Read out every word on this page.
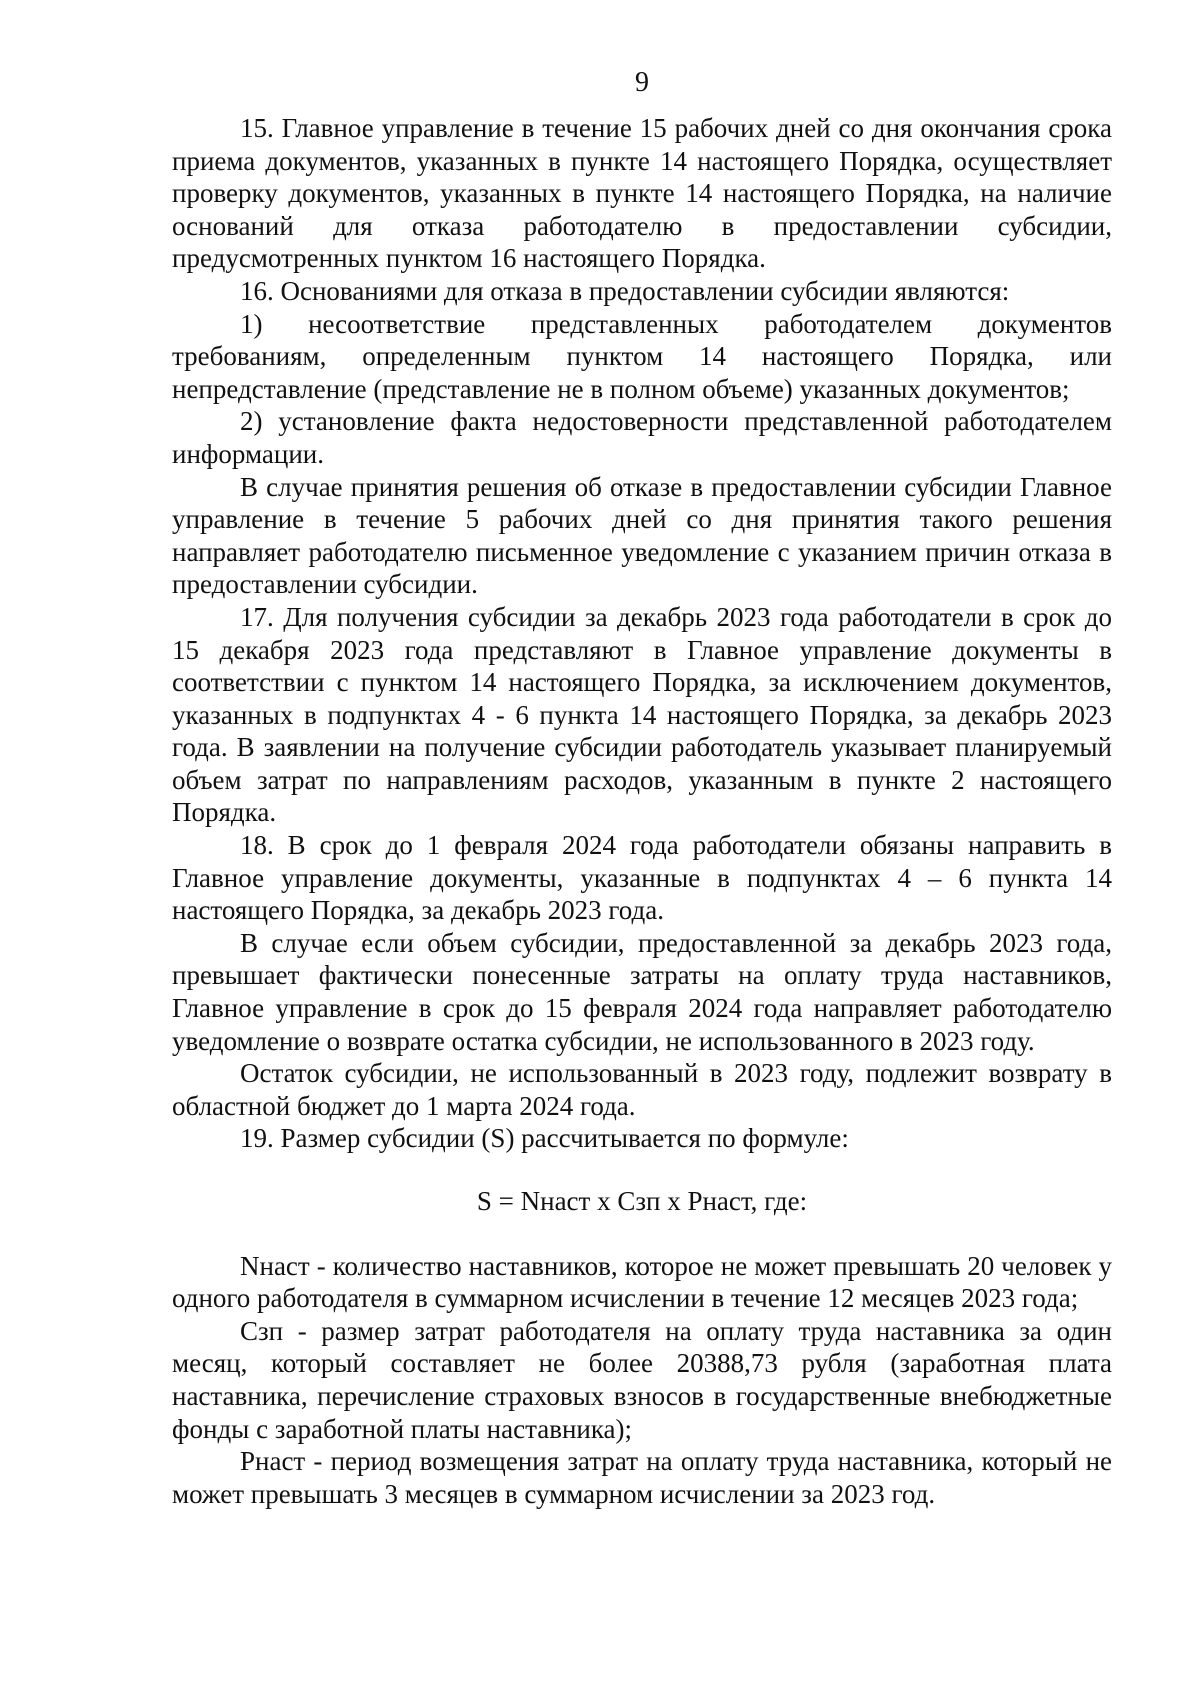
9

15. Главное управление в течение 15 рабочих дней со дня окончания срока приема документов, указанных в пункте 14 настоящего Порядка, осуществляет проверку документов, указанных в пункте 14 настоящего Порядка, на наличие оснований для отказа работодателю в предоставлении субсидии, предусмотренных пунктом 16 настоящего Порядка.

16. Основаниями для отказа в предоставлении субсидии являются:

1) несоответствие представленных работодателем документов требованиям, определенным пунктом 14 настоящего Порядка, или непредставление (представление не в полном объеме) указанных документов;

2) установление факта недостоверности представленной работодателем информации.

В случае принятия решения об отказе в предоставлении субсидии Главное управление в течение 5 рабочих дней со дня принятия такого решения направляет работодателю письменное уведомление с указанием причин отказа в предоставлении субсидии.

17. Для получения субсидии за декабрь 2023 года работодатели в срок до 15 декабря 2023 года представляют в Главное управление документы в соответствии с пунктом 14 настоящего Порядка, за исключением документов, указанных в подпунктах 4 - 6 пункта 14 настоящего Порядка, за декабрь 2023 года. В заявлении на получение субсидии работодатель указывает планируемый объем затрат по направлениям расходов, указанным в пункте 2 настоящего Порядка.

18. В срок до 1 февраля 2024 года работодатели обязаны направить в Главное управление документы, указанные в подпунктах 4 – 6 пункта 14 настоящего Порядка, за декабрь 2023 года.

В случае если объем субсидии, предоставленной за декабрь 2023 года, превышает фактически понесенные затраты на оплату труда наставников, Главное управление в срок до 15 февраля 2024 года направляет работодателю уведомление о возврате остатка субсидии, не использованного в 2023 году.

Остаток субсидии, не использованный в 2023 году, подлежит возврату в областной бюджет до 1 марта 2024 года.

19. Размер субсидии (S) рассчитывается по формуле:

S = Nнаст x Сзп x Pнаст, где:

Nнаст - количество наставников, которое не может превышать 20 человек у одного работодателя в суммарном исчислении в течение 12 месяцев 2023 года;

Сзп - размер затрат работодателя на оплату труда наставника за один месяц, который составляет не более 20388,73 рубля (заработная плата наставника, перечисление страховых взносов в государственные внебюджетные фонды с заработной платы наставника);

Pнаст - период возмещения затрат на оплату труда наставника, который не может превышать 3 месяцев в суммарном исчислении за 2023 год.
